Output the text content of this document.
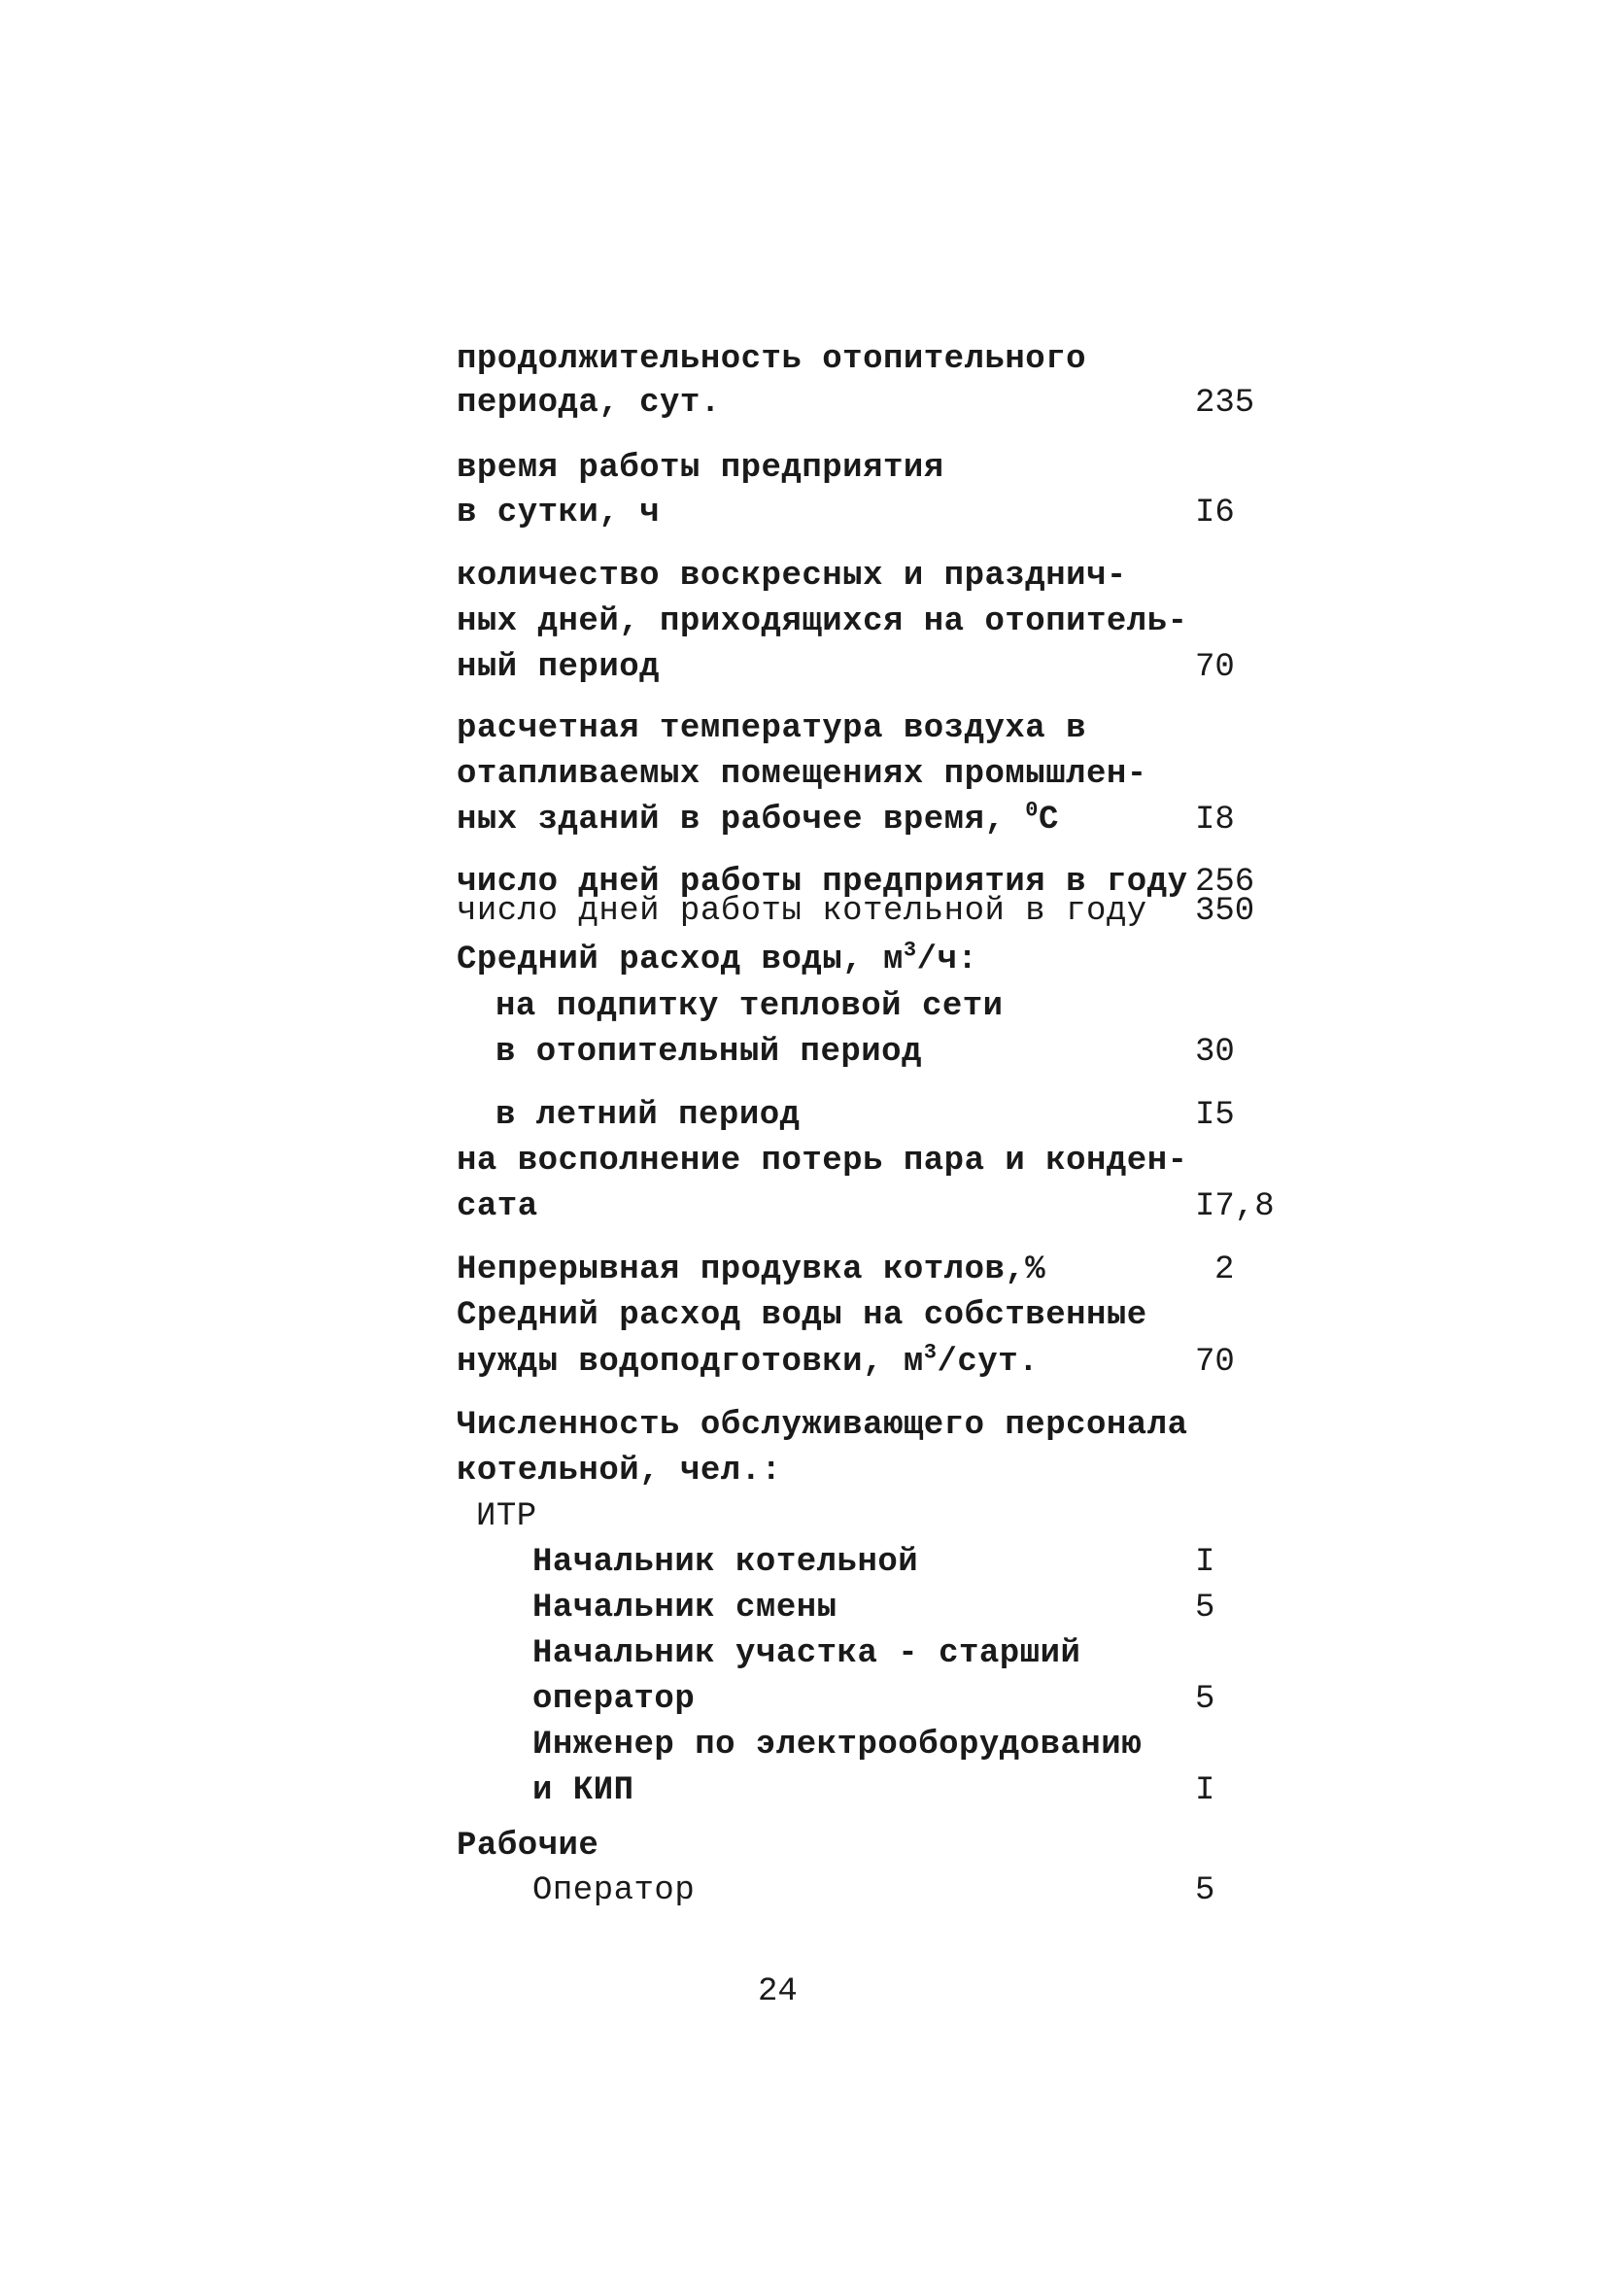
продолжительность отопительного
периода, сут.	235
время работы предприятия
в сутки, ч	I6
количество воскресных и празднич-
ных дней, приходящихся на отопитель-
ный период	70
расчетная температура воздуха в
отапливаемых помещениях промышлен-
ных зданий в рабочее время, $^0$С	I8
число дней работы предприятия в году 256
число дней работы котельной в году 350
Средний расход воды, $м^3/ч$:
на подпитку тепловой сети
в отопительный период	30
в летний период	I5
на восполнение потерь пара и конден-
сата	I7,8
Непрерывная продувка котлов,%	2
Средний расход воды на собственные
нужды водоподготовки, $м^3$/сут.	70
Численность обслуживающего персонала
котельной, чел.:
ИТР
Начальник котельной	I
Начальник смены	5
Начальник участка - старший
оператор	5
Инженер по электрооборудованию
и КИП	I
Рабочие
Оператор	5
24
